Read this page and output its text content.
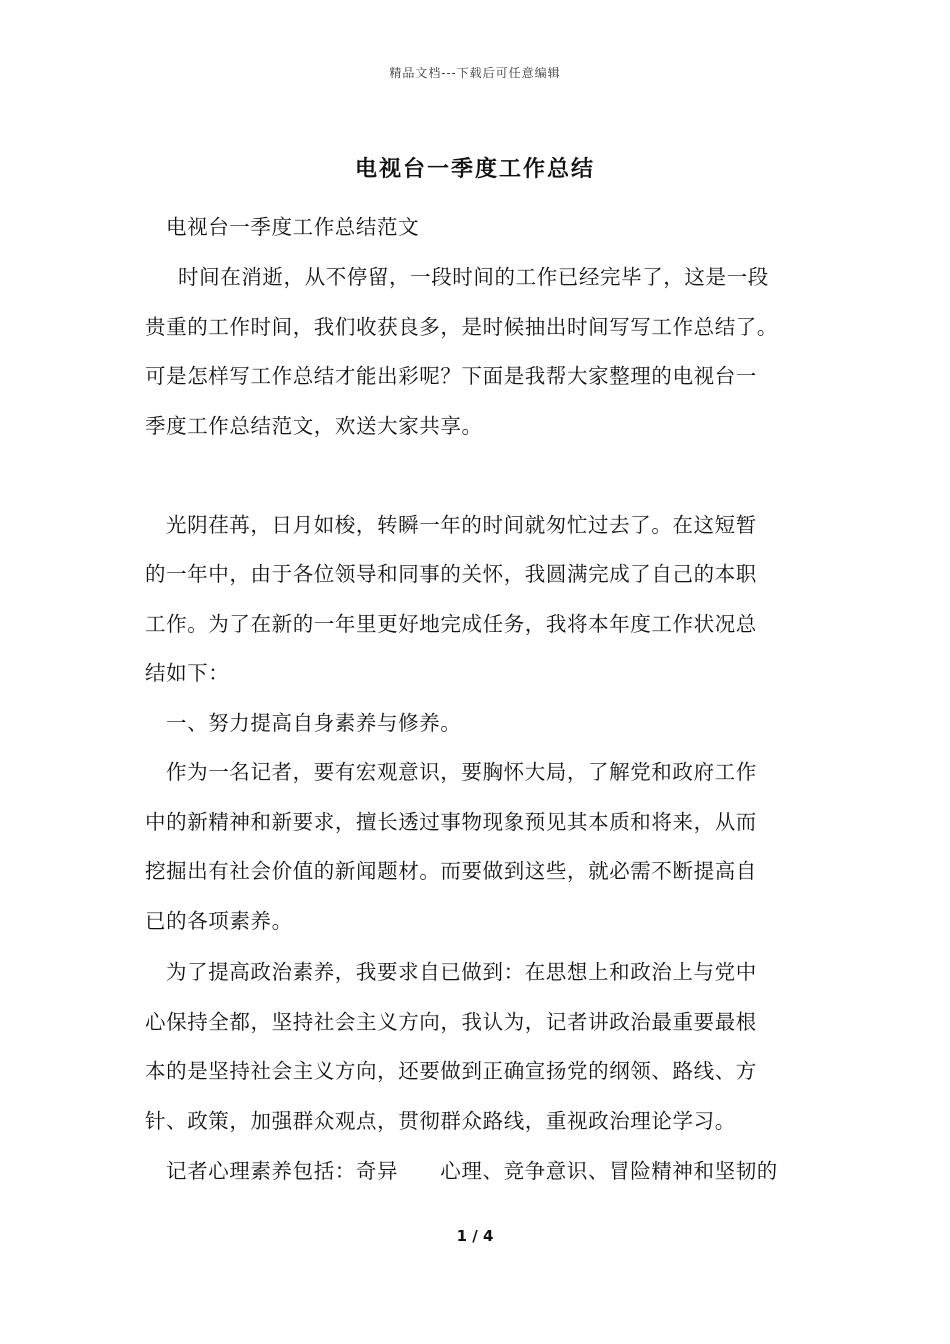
精品文档---下载后可任意编辑
电视台一季度工作总结
电视台一季度工作总结范文
时间在消逝，从不停留，一段时间的工作已经完毕了，这是一段
贵重的工作时间，我们收获良多，是时候抽出时间写写工作总结了。
可是怎样写工作总结才能出彩呢？下面是我帮大家整理的电视台一
季度工作总结范文，欢送大家共享。
光阴荏苒，日月如梭，转瞬一年的时间就匆忙过去了。在这短暂
的一年中，由于各位领导和同事的关怀，我圆满完成了自己的本职
工作。为了在新的一年里更好地完成任务，我将本年度工作状况总
结如下：
一、努力提高自身素养与修养。
作为一名记者，要有宏观意识，要胸怀大局，了解党和政府工作
中的新精神和新要求，擅长透过事物现象预见其本质和将来，从而
挖掘出有社会价值的新闻题材。而要做到这些，就必需不断提高自
已的各项素养。
为了提高政治素养，我要求自已做到：在思想上和政治上与党中
心保持全都，坚持社会主义方向，我认为，记者讲政治最重要最根
本的是坚持社会主义方向，还要做到正确宣扬党的纲领、路线、方
针、政策，加强群众观点，贯彻群众路线，重视政治理论学习。
记者心理素养包括：奇异　　心理、竞争意识、冒险精神和坚韧的
1 / 4
